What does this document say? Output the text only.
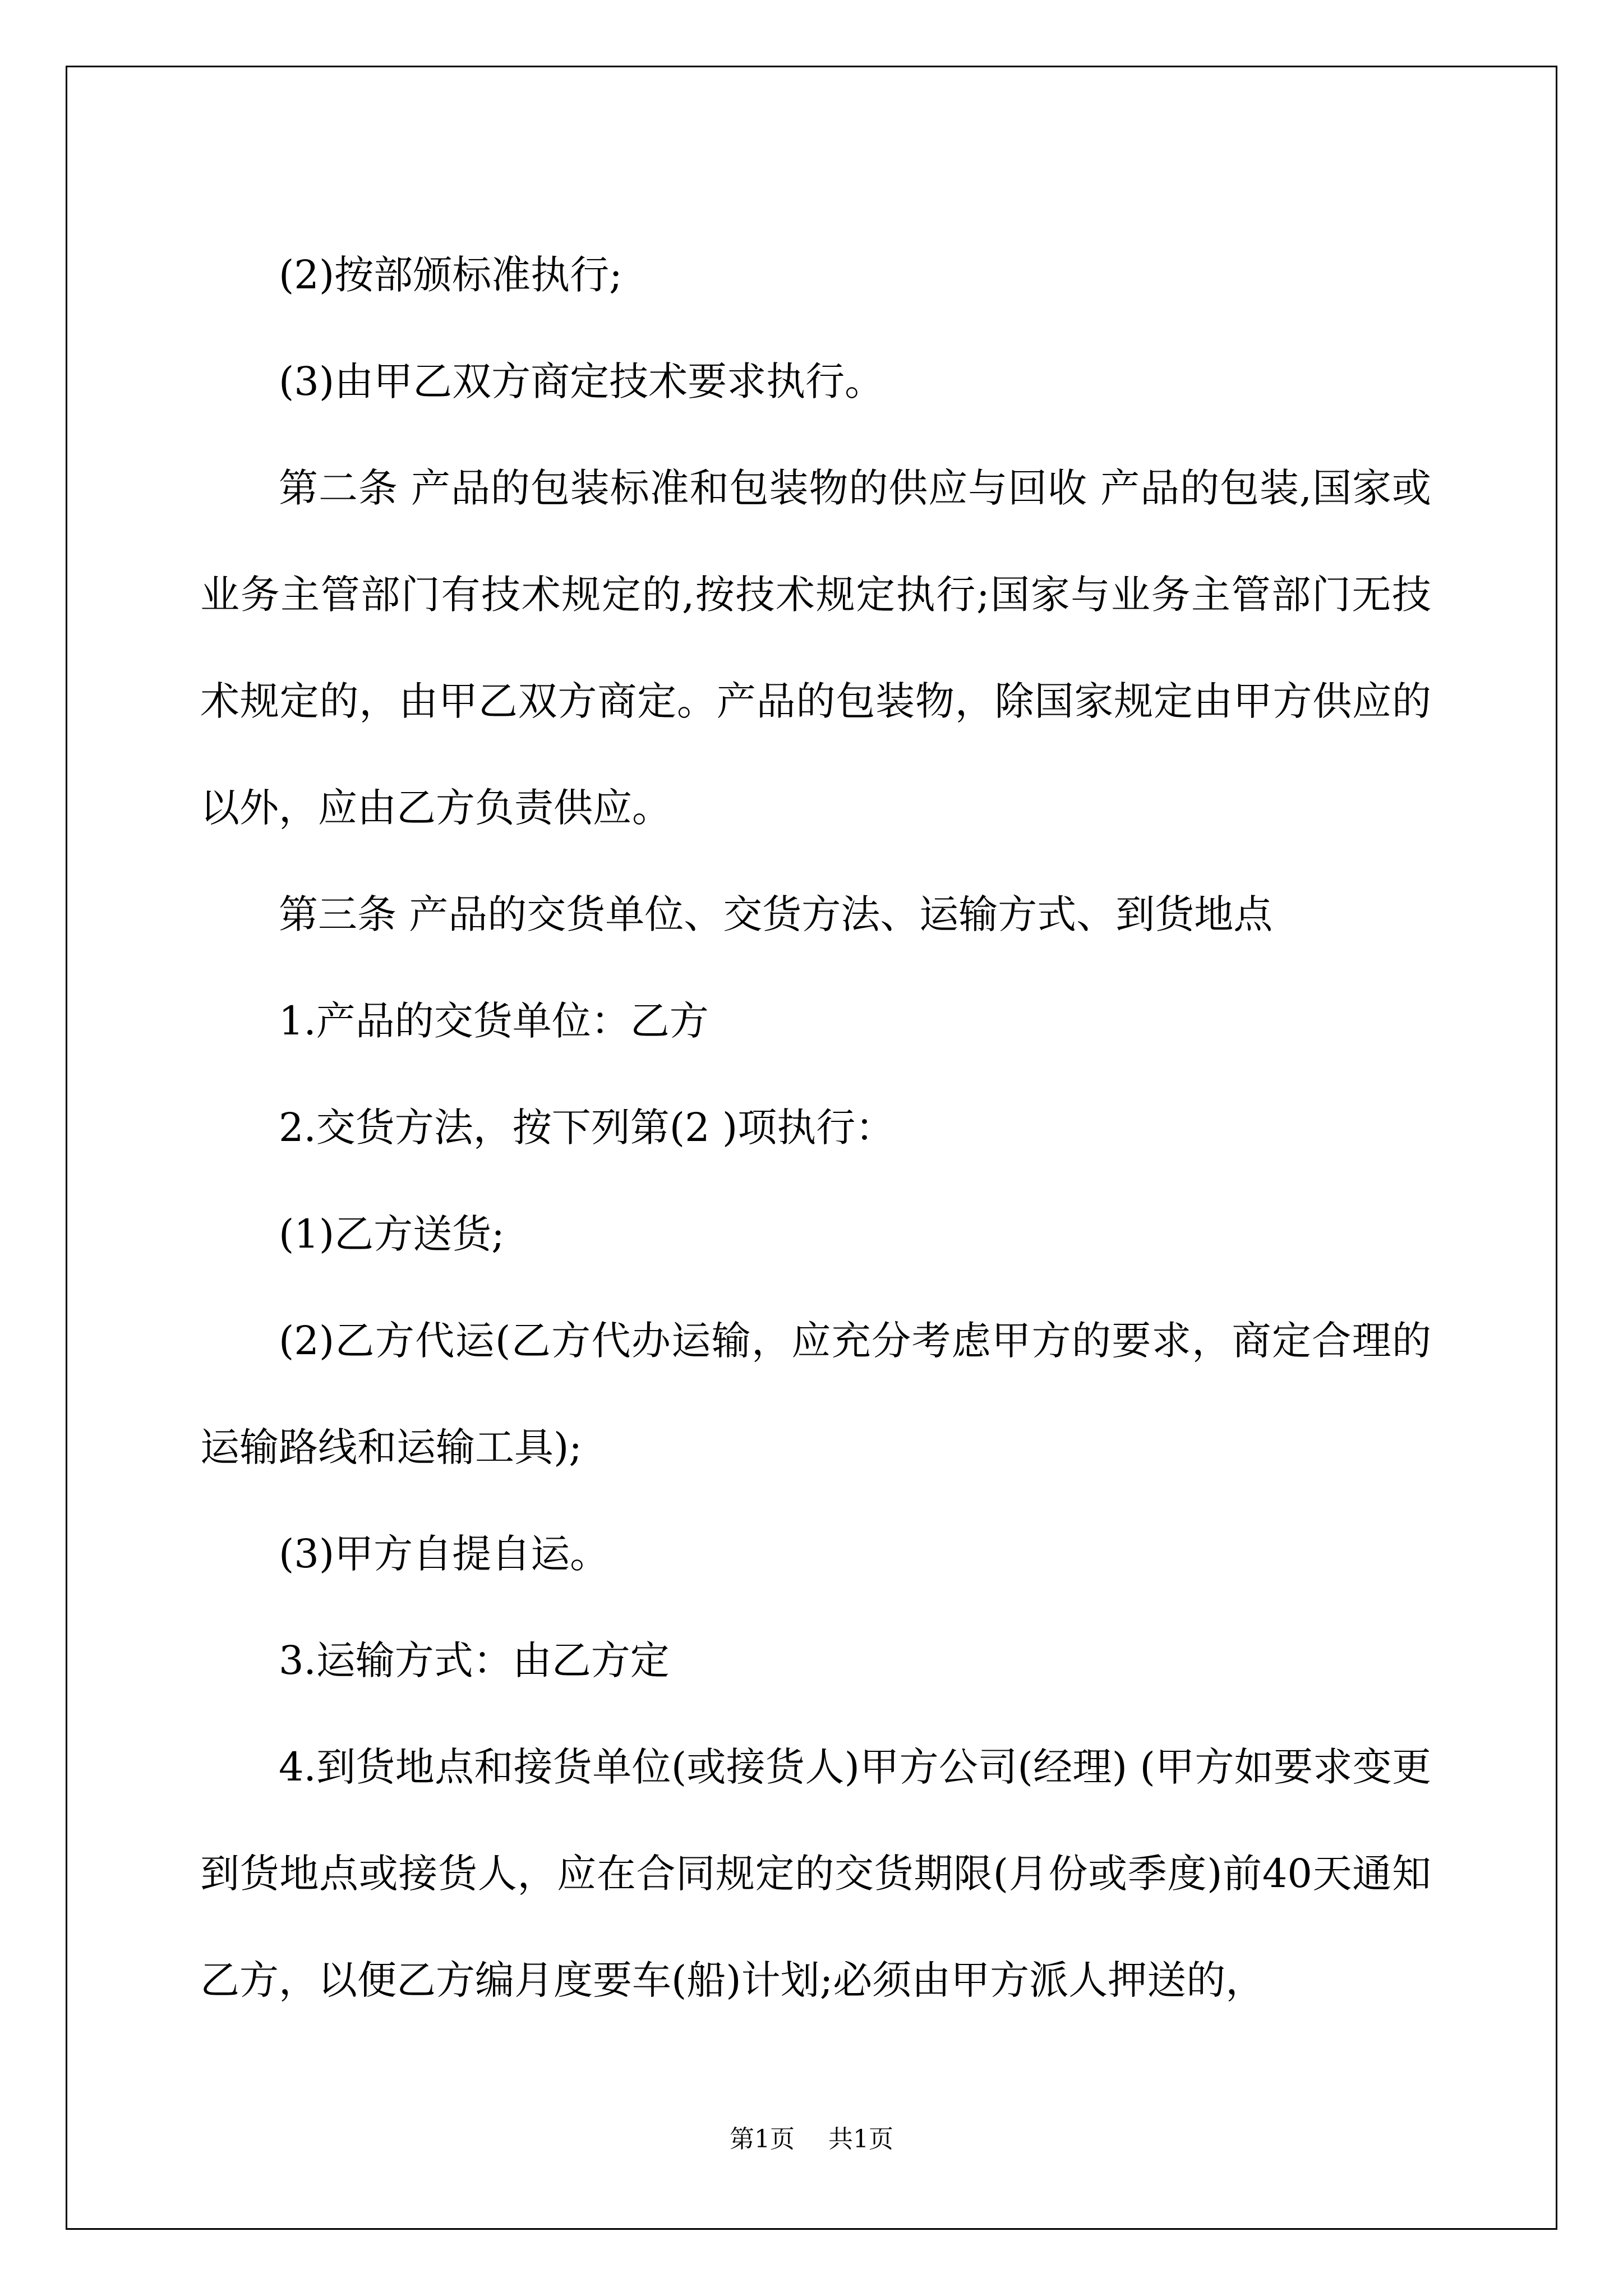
(2)按部颁标准执行;

(3)由甲乙双方商定技术要求执行。

第二条 产品的包装标准和包装物的供应与回收 产品的包装,国家或业务主管部门有技术规定的,按技术规定执行;国家与业务主管部门无技术规定的，由甲乙双方商定。产品的包装物，除国家规定由甲方供应的以外，应由乙方负责供应。

第三条 产品的交货单位、交货方法、运输方式、到货地点

1.产品的交货单位：乙方

2.交货方法，按下列第(2 )项执行：

(1)乙方送货;

(2)乙方代运(乙方代办运输，应充分考虑甲方的要求，商定合理的运输路线和运输工具);

(3)甲方自提自运。

3.运输方式：由乙方定

4.到货地点和接货单位(或接货人)甲方公司(经理) (甲方如要求变更到货地点或接货人，应在合同规定的交货期限(月份或季度)前40天通知乙方，以便乙方编月度要车(船)计划;必须由甲方派人押送的，

第1页 共1页
